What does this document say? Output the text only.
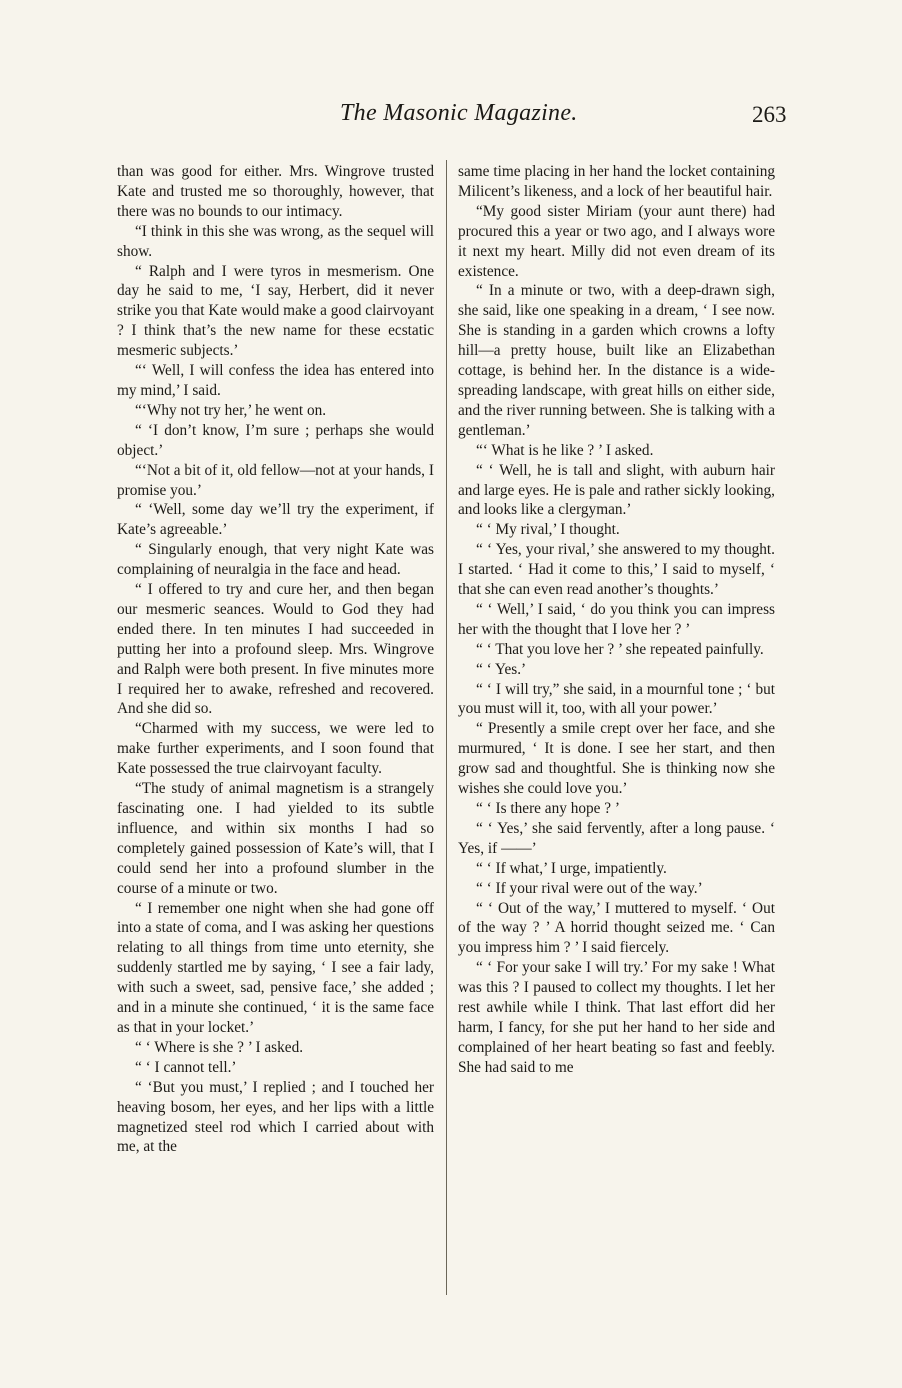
The Masonic Magazine.	263

than was good for either. Mrs. Wingrove trusted Kate and trusted me so thoroughly, however, that there was no bounds to our intimacy.

“I think in this she was wrong, as the sequel will show.

“ Ralph and I were tyros in mesmerism. One day he said to me, ‘I say, Herbert, did it never strike you that Kate would make a good clairvoyant ? I think that’s the new name for these ecstatic mesmeric subjects.’

“‘ Well, I will confess the idea has entered into my mind,’ I said.

“‘Why not try her,’ he went on.

“ ‘I don’t know, I’m sure ; perhaps she would object.’

“‘Not a bit of it, old fellow—not at your hands, I promise you.’

“ ‘Well, some day we’ll try the experiment, if Kate’s agreeable.’

“ Singularly enough, that very night Kate was complaining of neuralgia in the face and head.

“ I offered to try and cure her, and then began our mesmeric seances. Would to God they had ended there. In ten minutes I had succeeded in putting her into a profound sleep. Mrs. Wingrove and Ralph were both present. In five minutes more I required her to awake, refreshed and recovered. And she did so.

“Charmed with my success, we were led to make further experiments, and I soon found that Kate possessed the true clairvoyant faculty.

“The study of animal magnetism is a strangely fascinating one. I had yielded to its subtle influence, and within six months I had so completely gained possession of Kate’s will, that I could send her into a profound slumber in the course of a minute or two.

“ I remember one night when she had gone off into a state of coma, and I was asking her questions relating to all things from time unto eternity, she suddenly startled me by saying, ‘ I see a fair lady, with such a sweet, sad, pensive face,’ she added ; and in a minute she continued, ‘ it is the same face as that in your locket.’

“ ‘ Where is she ? ’ I asked.

“ ‘ I cannot tell.’

“ ‘But you must,’ I replied ; and I touched her heaving bosom, her eyes, and her lips with a little magnetized steel rod which I carried about with me, at the

same time placing in her hand the locket containing Milicent’s likeness, and a lock of her beautiful hair.

“My good sister Miriam (your aunt there) had procured this a year or two ago, and I always wore it next my heart. Milly did not even dream of its existence.

“ In a minute or two, with a deep-drawn sigh, she said, like one speaking in a dream, ‘ I see now. She is standing in a garden which crowns a lofty hill—a pretty house, built like an Elizabethan cottage, is behind her. In the distance is a wide-spreading landscape, with great hills on either side, and the river running between. She is talking with a gentleman.’

“‘ What is he like ? ’ I asked.

“ ‘ Well, he is tall and slight, with auburn hair and large eyes. He is pale and rather sickly looking, and looks like a clergyman.’

“ ‘ My rival,’ I thought.

“ ‘ Yes, your rival,’ she answered to my thought. I started. ‘ Had it come to this,’ I said to myself, ‘ that she can even read another’s thoughts.’

“ ‘ Well,’ I said, ‘ do you think you can impress her with the thought that I love her ? ’

“ ‘ That you love her ? ’ she repeated painfully.

“ ‘ Yes.’

“ ‘ I will try,” she said, in a mournful tone ; ‘ but you must will it, too, with all your power.’

“ Presently a smile crept over her face, and she murmured, ‘ It is done. I see her start, and then grow sad and thoughtful. She is thinking now she wishes she could love you.’

“ ‘ Is there any hope ? ’

“ ‘ Yes,’ she said fervently, after a long pause. ‘ Yes, if ——’

“ ‘ If what,’ I urge, impatiently.

“ ‘ If your rival were out of the way.’

“ ‘ Out of the way,’ I muttered to myself. ‘ Out of the way ? ’ A horrid thought seized me. ‘ Can you impress him ? ’ I said fiercely.

“ ‘ For your sake I will try.’ For my sake ! What was this ? I paused to collect my thoughts. I let her rest awhile while I think. That last effort did her harm, I fancy, for she put her hand to her side and complained of her heart beating so fast and feebly. She had said to me
